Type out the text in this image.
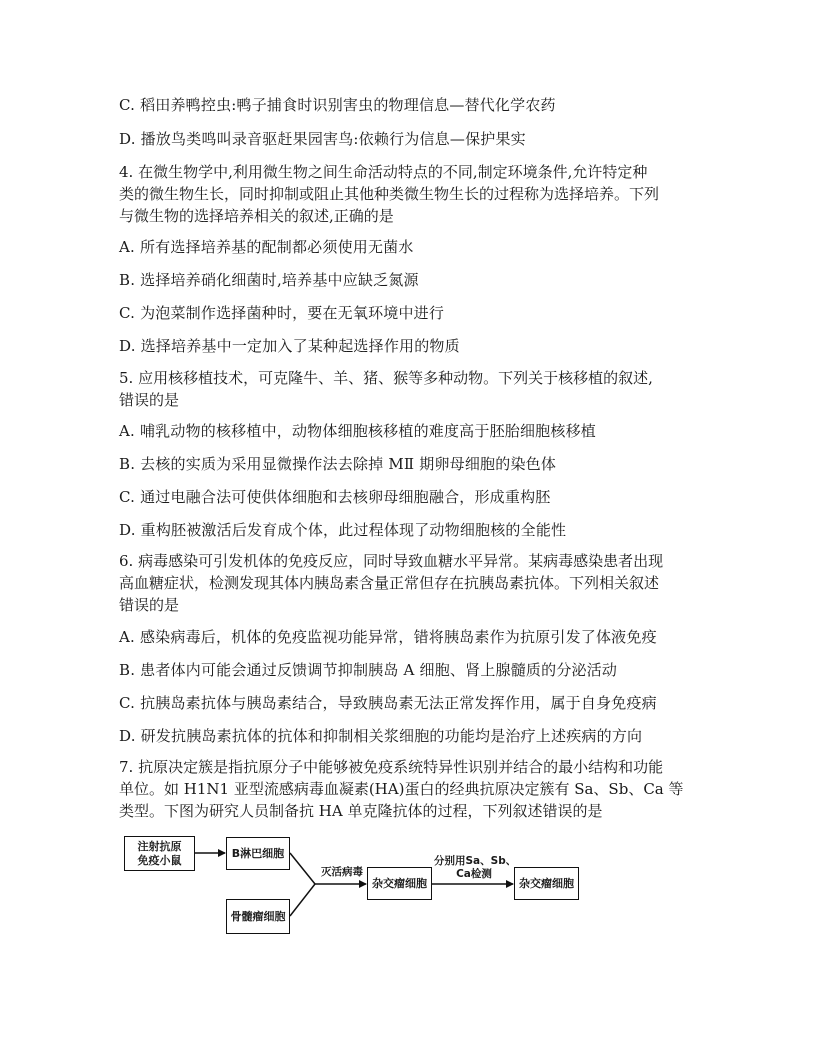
C. 稻田养鸭控虫:鸭子捕食时识别害虫的物理信息—替代化学农药
D. 播放鸟类鸣叫录音驱赶果园害鸟:依赖行为信息—保护果实
4. 在微生物学中,利用微生物之间生命活动特点的不同,制定环境条件,允许特定种
类的微生物生长，同时抑制或阻止其他种类微生物生长的过程称为选择培养。下列
与微生物的选择培养相关的叙述,正确的是
A. 所有选择培养基的配制都必须使用无菌水
B. 选择培养硝化细菌时,培养基中应缺乏氮源
C. 为泡菜制作选择菌种时，要在无氧环境中进行
D. 选择培养基中一定加入了某种起选择作用的物质
5. 应用核移植技术，可克隆牛、羊、猪、猴等多种动物。下列关于核移植的叙述,
错误的是
A. 哺乳动物的核移植中，动物体细胞核移植的难度高于胚胎细胞核移植
B. 去核的实质为采用显微操作法去除掉 MⅡ 期卵母细胞的染色体
C. 通过电融合法可使供体细胞和去核卵母细胞融合，形成重构胚
D. 重构胚被激活后发育成个体，此过程体现了动物细胞核的全能性
6. 病毒感染可引发机体的免疫反应，同时导致血糖水平异常。某病毒感染患者出现
高血糖症状，检测发现其体内胰岛素含量正常但存在抗胰岛素抗体。下列相关叙述
错误的是
A. 感染病毒后，机体的免疫监视功能异常，错将胰岛素作为抗原引发了体液免疫
B. 患者体内可能会通过反馈调节抑制胰岛 A 细胞、肾上腺髓质的分泌活动
C. 抗胰岛素抗体与胰岛素结合，导致胰岛素无法正常发挥作用，属于自身免疫病
D. 研发抗胰岛素抗体的抗体和抑制相关浆细胞的功能均是治疗上述疾病的方向
7. 抗原决定簇是指抗原分子中能够被免疫系统特异性识别并结合的最小结构和功能
单位。如 H1N1 亚型流感病毒血凝素(HA)蛋白的经典抗原决定簇有 Sa、Sb、Ca 等
类型。下图为研究人员制备抗 HA 单克隆抗体的过程，下列叙述错误的是
注射抗原
免疫小鼠
B淋巴细胞
骨髓瘤细胞
灭活病毒
杂交瘤细胞
分别用Sa、Sb、
Ca检测
杂交瘤细胞
